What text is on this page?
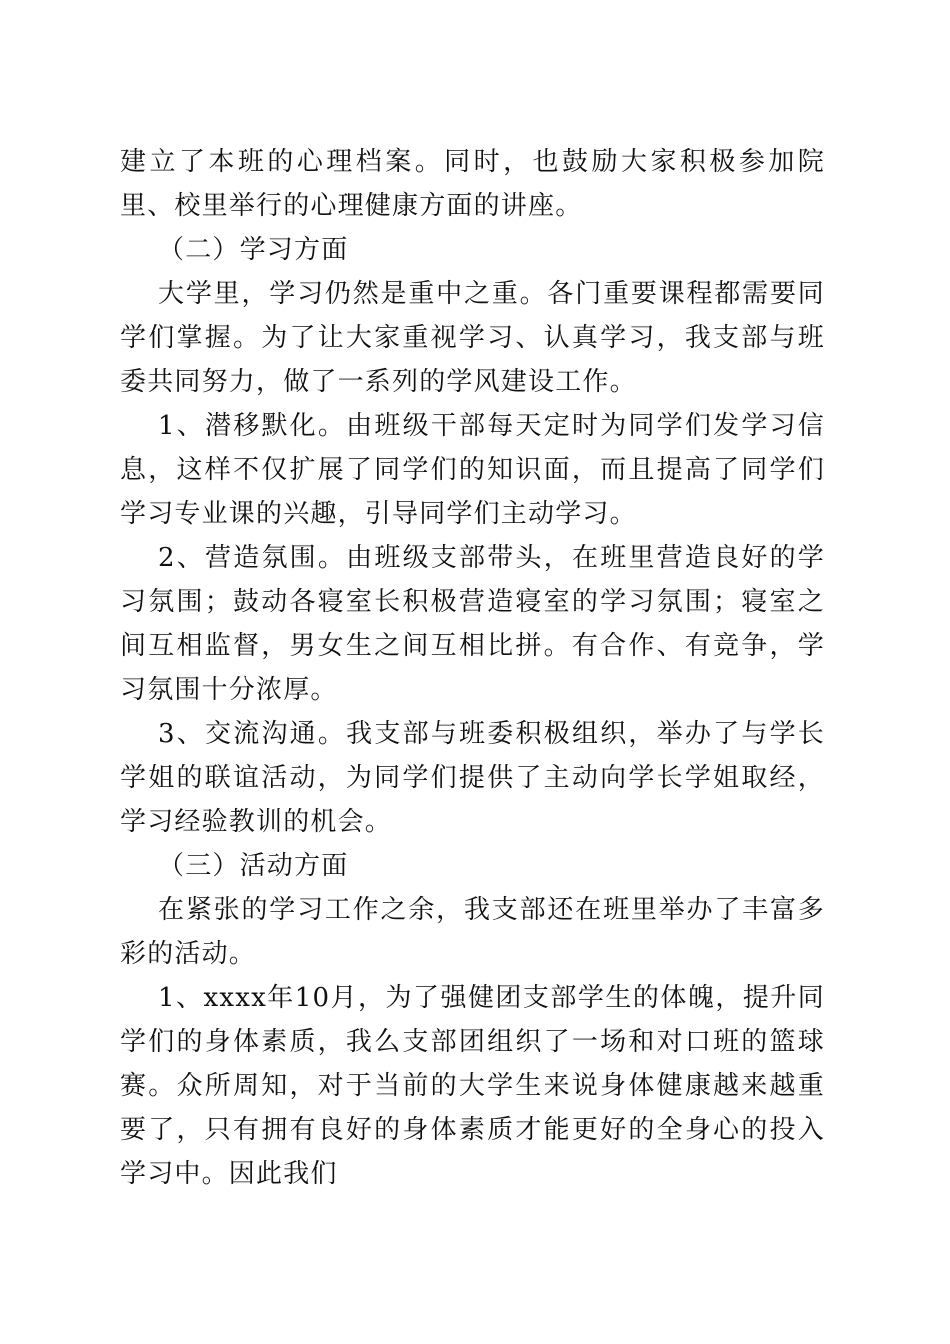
建立了本班的心理档案。同时，也鼓励大家积极参加院里、校里举行的心理健康方面的讲座。

（二）学习方面

大学里，学习仍然是重中之重。各门重要课程都需要同学们掌握。为了让大家重视学习、认真学习，我支部与班委共同努力，做了一系列的学风建设工作。

1、潜移默化。由班级干部每天定时为同学们发学习信息，这样不仅扩展了同学们的知识面，而且提高了同学们学习专业课的兴趣，引导同学们主动学习。

2、营造氛围。由班级支部带头，在班里营造良好的学习氛围；鼓动各寝室长积极营造寝室的学习氛围；寝室之间互相监督，男女生之间互相比拼。有合作、有竞争，学习氛围十分浓厚。

3、交流沟通。我支部与班委积极组织，举办了与学长学姐的联谊活动，为同学们提供了主动向学长学姐取经，学习经验教训的机会。

（三）活动方面

在紧张的学习工作之余，我支部还在班里举办了丰富多彩的活动。

1、xxxx年10月，为了强健团支部学生的体魄，提升同学们的身体素质，我么支部团组织了一场和对口班的篮球赛。众所周知，对于当前的大学生来说身体健康越来越重要了，只有拥有良好的身体素质才能更好的全身心的投入学习中。因此我们
